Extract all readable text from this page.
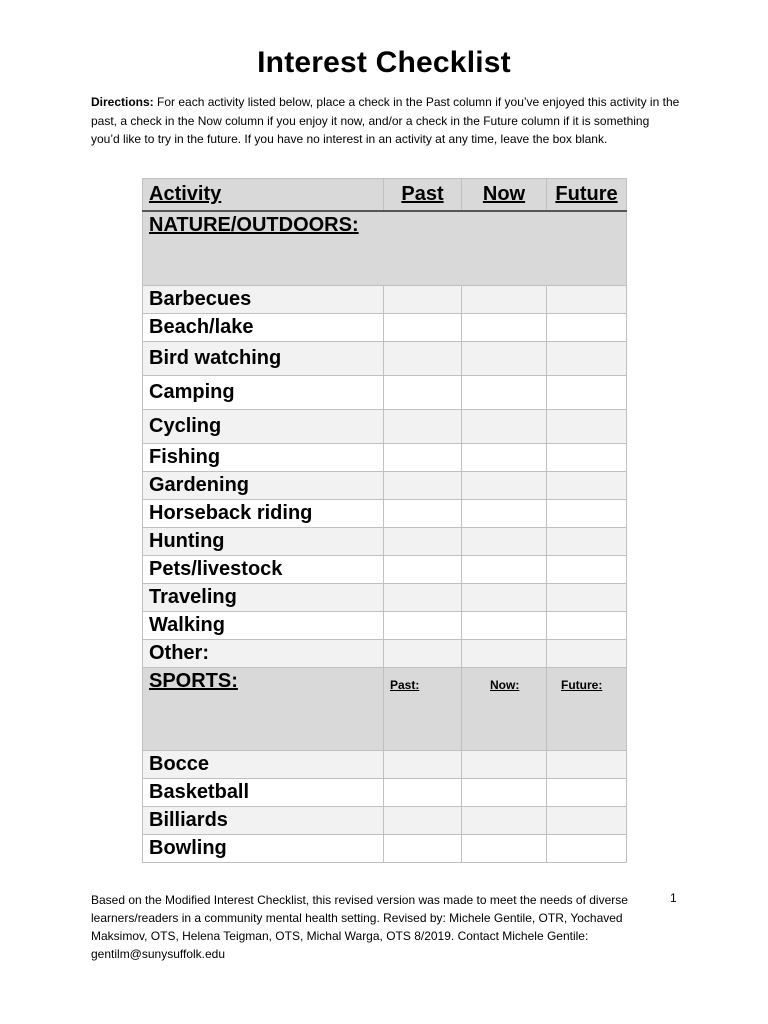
Interest Checklist
Directions: For each activity listed below, place a check in the Past column if you’ve enjoyed this activity in the past, a check in the Now column if you enjoy it now, and/or a check in the Future column if it is something you’d like to try in the future. If you have no interest in an activity at any time, leave the box blank.
Activity	Past	Now	Future
NATURE/OUTDOORS:			
Barbecues			
Beach/lake			
Bird watching			
Camping			
Cycling			
Fishing			
Gardening			
Horseback riding			
Hunting			
Pets/livestock			
Traveling			
Walking			
Other:			
SPORTS:	Past:	Now:	Future:

Bocce			
Basketball			
Billiards			
Bowling			
Based on the Modified Interest Checklist, this revised version was made to meet the needs of diverse learners/readers in a community mental health setting. Revised by: Michele Gentile, OTR, Yochaved Maksimov, OTS, Helena Teigman, OTS, Michal Warga, OTS 8/2019. Contact Michele Gentile: gentilm@sunysuffolk.edu
1
